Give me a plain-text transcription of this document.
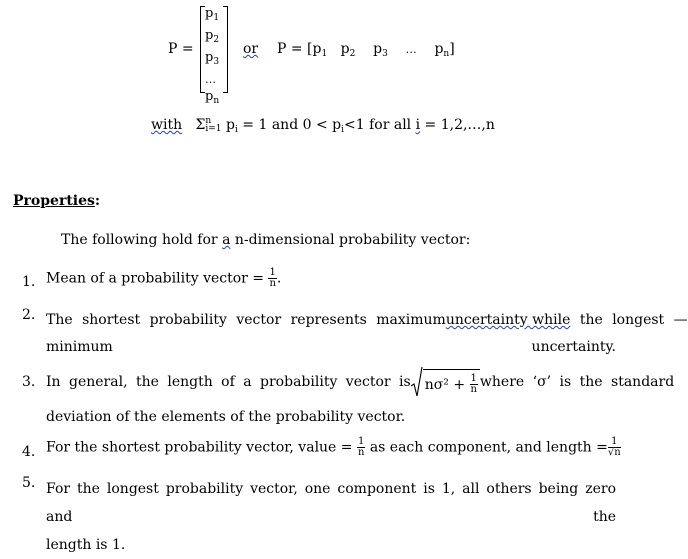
P =
$p_1$
$p_2$
$p_3$
…
$p_n$
or $P = [p_1$ $p_2$ $p_3$ … $p_n$]
with Σ n
i=1 $p_i = 1$ and $0 < p_i<1$ for all i = 1,2,…,n
Properties:
The following hold for a n-dimensional probability vector:
1. Mean of a probability vector = $\frac{1}{n}$ .
2. The shortest probability vector represents maximum uncertainty while the longest —
minimum uncertainty.
3. In general, the length of a probability vector is nσ² +
$\frac{1}{n}$ where ‘σ’ is the standard
deviation of the elements of the probability vector.
4. For the shortest probability vector, value = $\frac{1}{n}$ as each component, and length = $\frac{1}{√n}$
5. For the longest probability vector, one component is 1, all others being zero and the
length is 1.
